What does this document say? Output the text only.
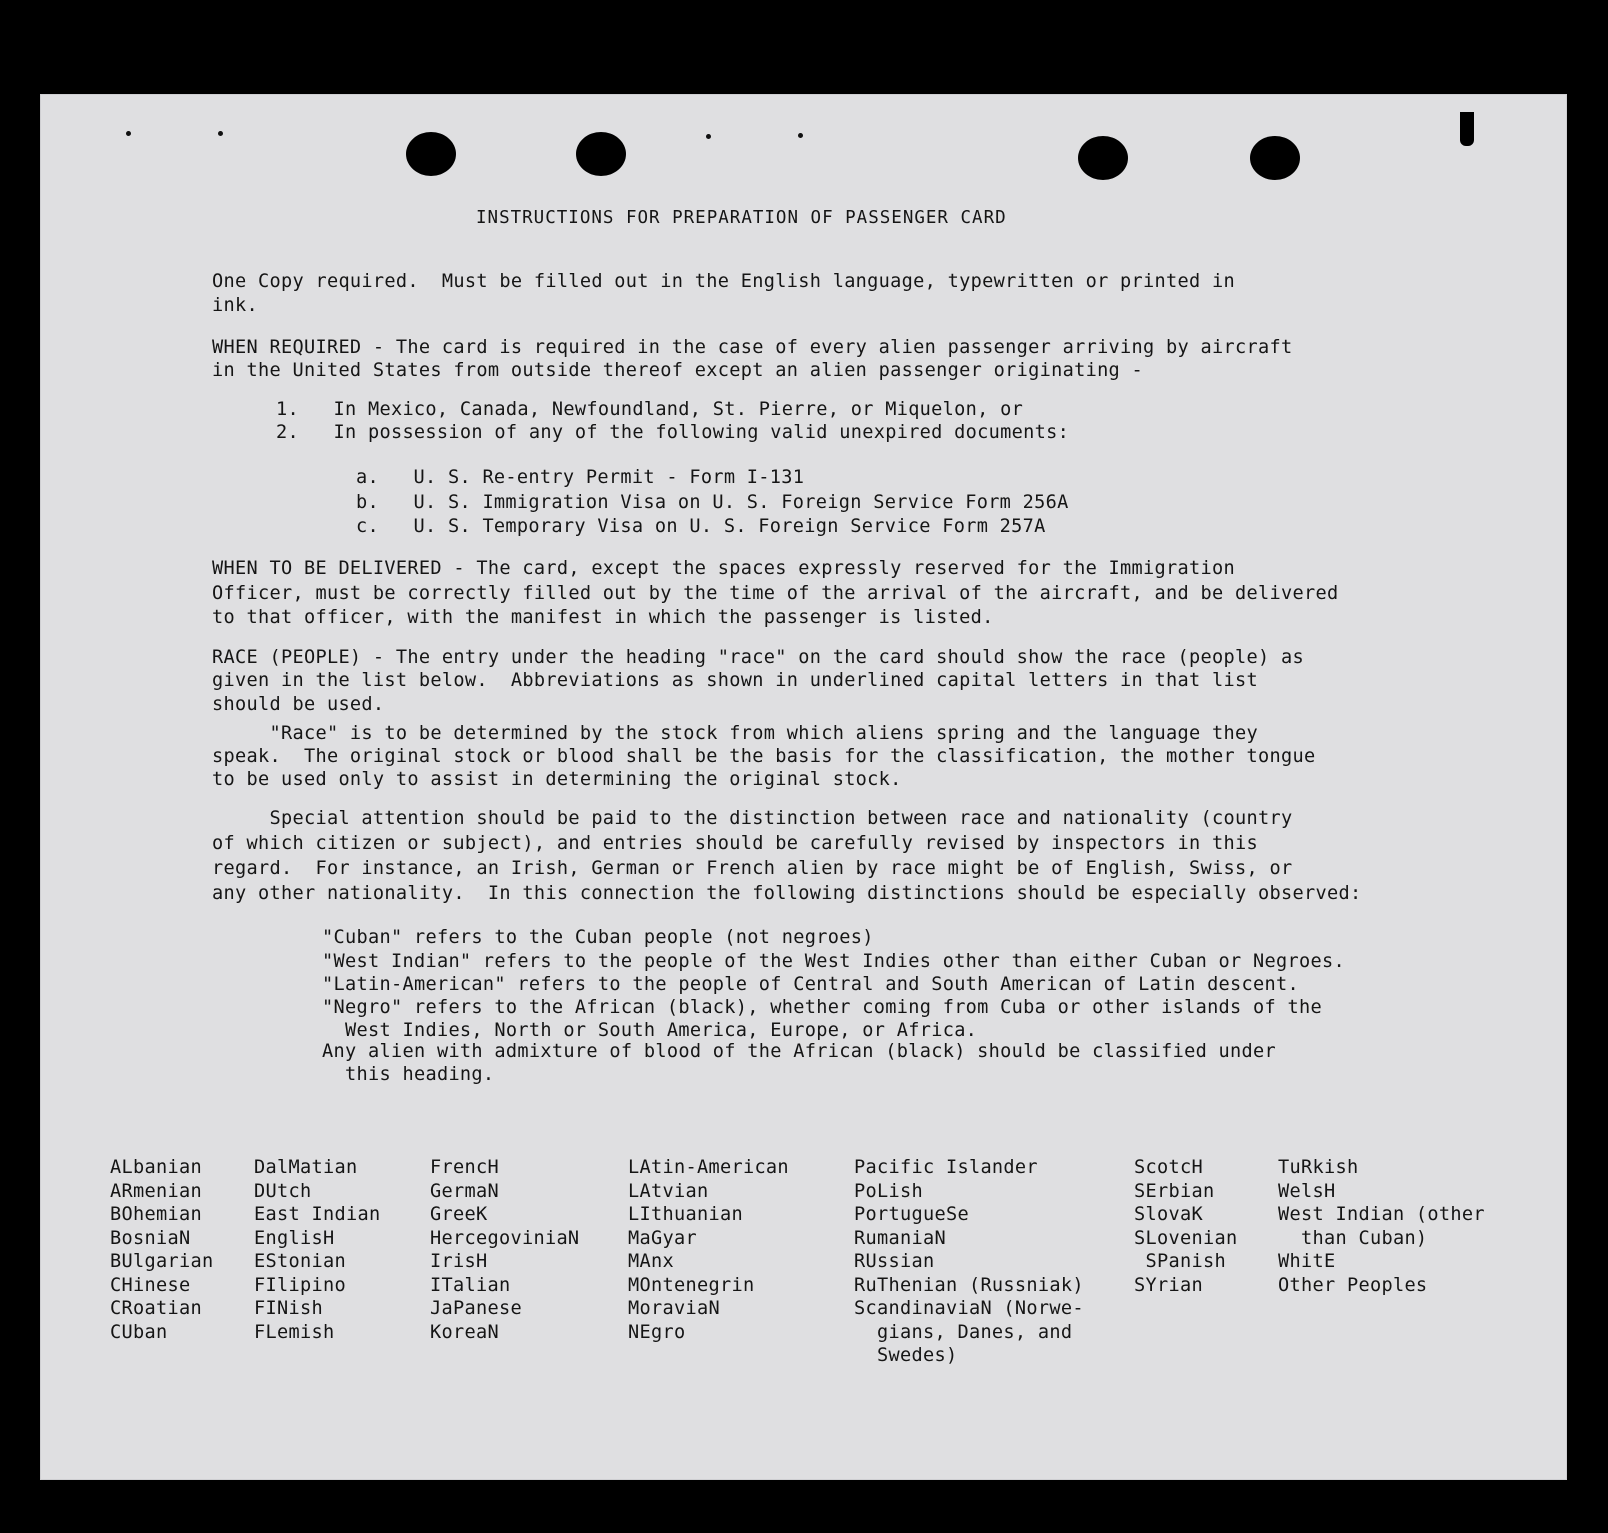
INSTRUCTIONS FOR PREPARATION OF PASSENGER CARD
One Copy required.  Must be filled out in the English language, typewritten or printed in
ink.
WHEN REQUIRED - The card is required in the case of every alien passenger arriving by aircraft
in the United States from outside thereof except an alien passenger originating -
1.   In Mexico, Canada, Newfoundland, St. Pierre, or Miquelon, or
2.   In possession of any of the following valid unexpired documents:
a.   U. S. Re-entry Permit - Form I-131
b.   U. S. Immigration Visa on U. S. Foreign Service Form 256A
c.   U. S. Temporary Visa on U. S. Foreign Service Form 257A
WHEN TO BE DELIVERED - The card, except the spaces expressly reserved for the Immigration
Officer, must be correctly filled out by the time of the arrival of the aircraft, and be delivered
to that officer, with the manifest in which the passenger is listed.
RACE (PEOPLE) - The entry under the heading "race" on the card should show the race (people) as
given in the list below.  Abbreviations as shown in underlined capital letters in that list
should be used.
"Race" is to be determined by the stock from which aliens spring and the language they
speak.  The original stock or blood shall be the basis for the classification, the mother tongue
to be used only to assist in determining the original stock.
Special attention should be paid to the distinction between race and nationality (country
of which citizen or subject), and entries should be carefully revised by inspectors in this
regard.  For instance, an Irish, German or French alien by race might be of English, Swiss, or
any other nationality.  In this connection the following distinctions should be especially observed:
"Cuban" refers to the Cuban people (not negroes)
"West Indian" refers to the people of the West Indies other than either Cuban or Negroes.
"Latin-American" refers to the people of Central and South American of Latin descent.
"Negro" refers to the African (black), whether coming from Cuba or other islands of the
West Indies, North or South America, Europe, or Africa.
Any alien with admixture of blood of the African (black) should be classified under
this heading.
ALbanian
ARmenian
BOhemian
BosniaN
BUlgarian
CHinese
CRoatian
CUban
DalMatian
DUtch
East Indian
EnglisH
EStonian
FIlipino
FINish
FLemish
FrencH
GermaN
GreeK
HercegoviniaN
IrisH
ITalian
JaPanese
KoreaN
LAtin-American
LAtvian
LIthuanian
MaGyar
MAnx
MOntenegrin
MoraviaN
NEgro
Pacific Islander
PoLish
PortugueSe
RumaniaN
RUssian
RuThenian (Russniak)
ScandinaviaN (Norwe-
gians, Danes, and
Swedes)
ScotcH
SErbian
SlovaK
SLovenian
SPanish
SYrian
TuRkish
WelsH
West Indian (other
than Cuban)
WhitE
Other Peoples
